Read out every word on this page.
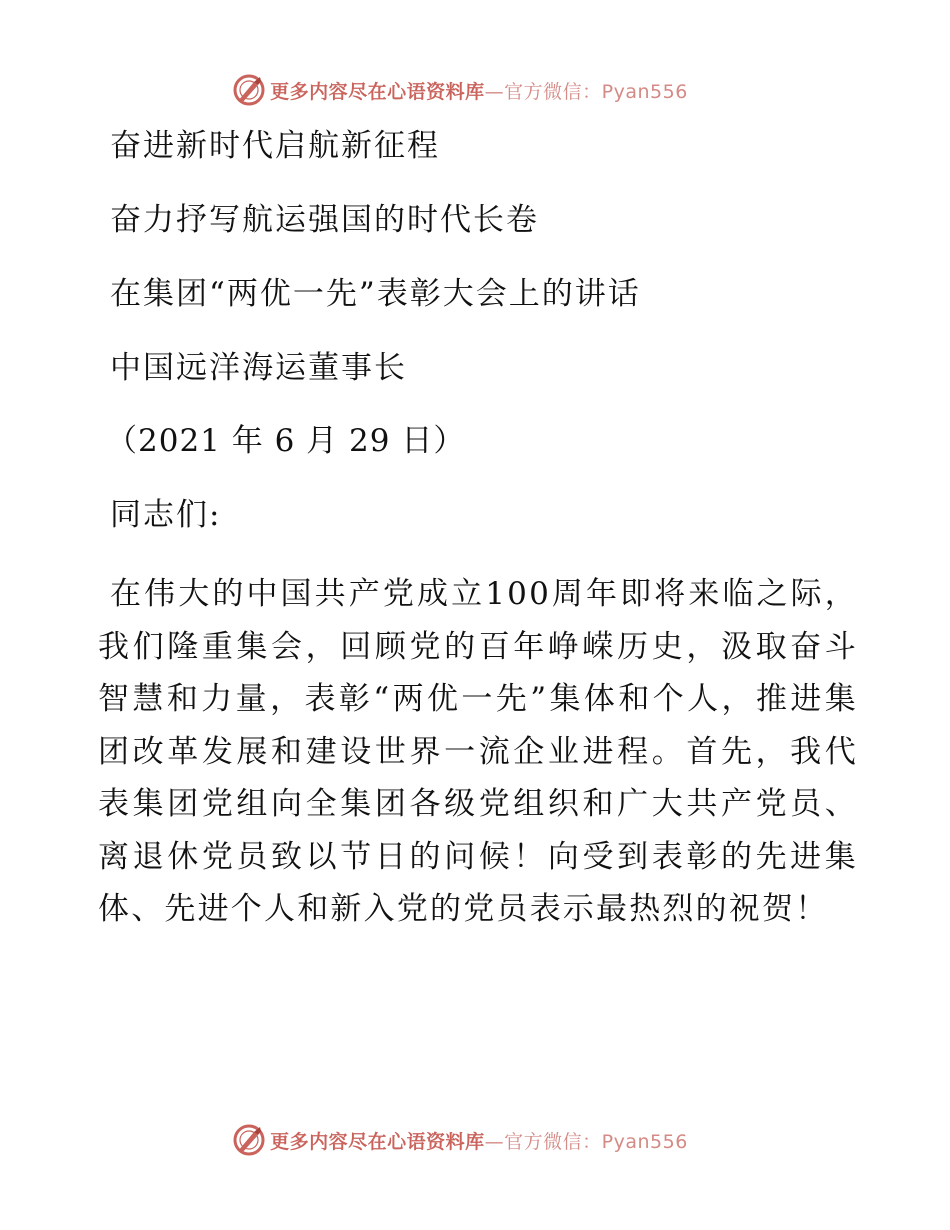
更多内容尽在心语资料库—官方微信：Pyan556
奋进新时代启航新征程
奋力抒写航运强国的时代长卷
在集团“两优一先”表彰大会上的讲话
中国远洋海运董事长
（2021 年 6 月 29 日）
同志们:
在伟大的中国共产党成立100周年即将来临之际，我们隆重集会，回顾党的百年峥嵘历史，汲取奋斗智慧和力量，表彰“两优一先”集体和个人，推进集团改革发展和建设世界一流企业进程。首先，我代表集团党组向全集团各级党组织和广大共产党员、离退休党员致以节日的问候！向受到表彰的先进集体、先进个人和新入党的党员表示最热烈的祝贺！
更多内容尽在心语资料库—官方微信：Pyan556
